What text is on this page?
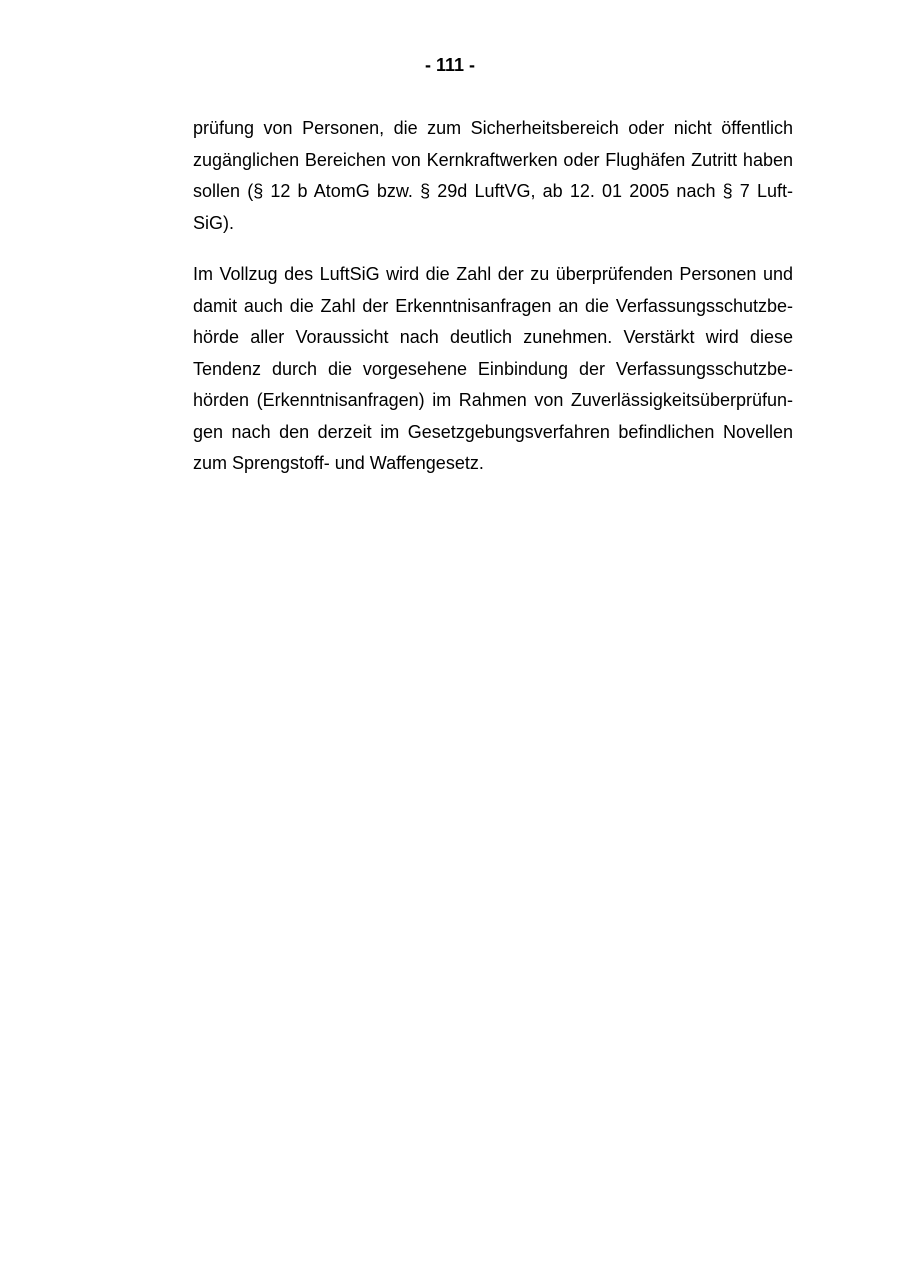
- 111 -

prüfung von Personen, die zum Sicherheitsbereich oder nicht öffentlich
zugänglichen Bereichen von Kernkraftwerken oder Flughäfen Zutritt haben
sollen (§ 12 b AtomG bzw. § 29d LuftVG, ab 12. 01 2005 nach § 7 Luft-
SiG).

Im Vollzug des LuftSiG wird die Zahl der zu überprüfenden Personen und
damit auch die Zahl der Erkenntnisanfragen an die Verfassungsschutzbe-
hörde aller Voraussicht nach deutlich zunehmen. Verstärkt wird diese
Tendenz durch die vorgesehene Einbindung der Verfassungsschutzbe-
hörden (Erkenntnisanfragen) im Rahmen von Zuverlässigkeitsüberprüfun-
gen nach den derzeit im Gesetzgebungsverfahren befindlichen Novellen
zum Sprengstoff- und Waffengesetz.
